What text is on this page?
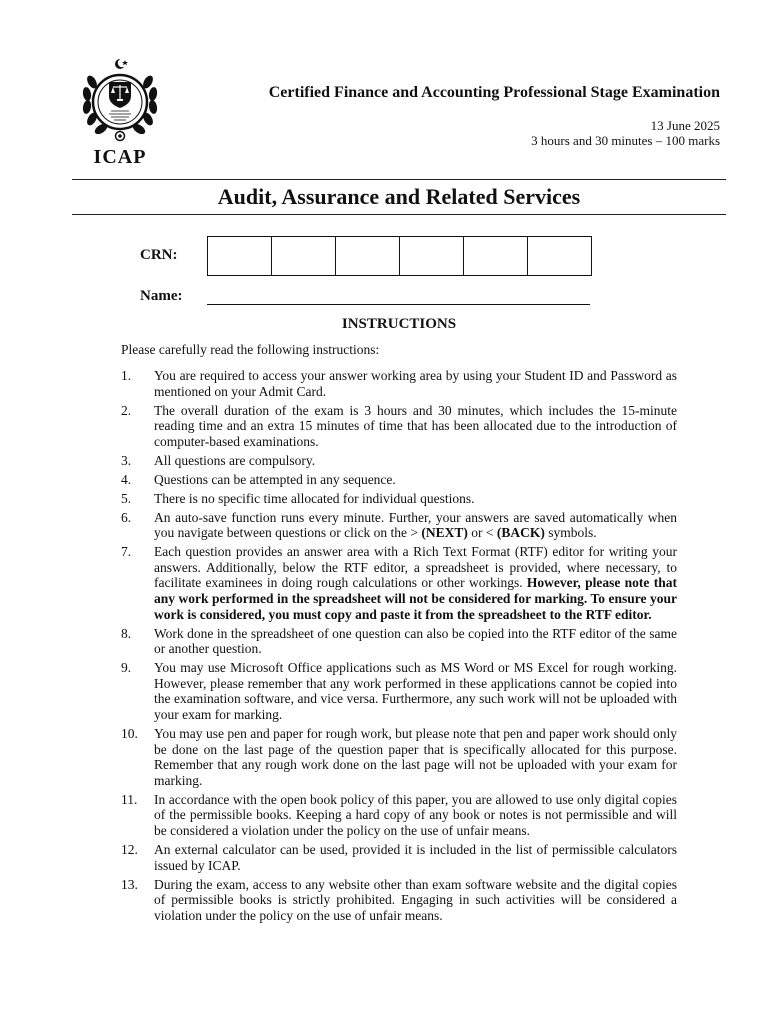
ICAP
Certified Finance and Accounting Professional Stage Examination
13 June 2025
3 hours and 30 minutes – 100 marks
Audit, Assurance and Related Services
CRN:
Name:
INSTRUCTIONS
Please carefully read the following instructions:
1.	You are required to access your answer working area by using your Student ID and Password as mentioned on your Admit Card.
2.	The overall duration of the exam is 3 hours and 30 minutes, which includes the 15-minute reading time and an extra 15 minutes of time that has been allocated due to the introduction of computer-based examinations.
3.	All questions are compulsory.
4.	Questions can be attempted in any sequence.
5.	There is no specific time allocated for individual questions.
6.	An auto-save function runs every minute. Further, your answers are saved automatically when you navigate between questions or click on the > (NEXT) or < (BACK) symbols.
7.	Each question provides an answer area with a Rich Text Format (RTF) editor for writing your answers. Additionally, below the RTF editor, a spreadsheet is provided, where necessary, to facilitate examinees in doing rough calculations or other workings. However, please note that any work performed in the spreadsheet will not be considered for marking. To ensure your work is considered, you must copy and paste it from the spreadsheet to the RTF editor.
8.	Work done in the spreadsheet of one question can also be copied into the RTF editor of the same or another question.
9.	You may use Microsoft Office applications such as MS Word or MS Excel for rough working. However, please remember that any work performed in these applications cannot be copied into the examination software, and vice versa. Furthermore, any such work will not be uploaded with your exam for marking.
10.	You may use pen and paper for rough work, but please note that pen and paper work should only be done on the last page of the question paper that is specifically allocated for this purpose. Remember that any rough work done on the last page will not be uploaded with your exam for marking.
11.	In accordance with the open book policy of this paper, you are allowed to use only digital copies of the permissible books. Keeping a hard copy of any book or notes is not permissible and will be considered a violation under the policy on the use of unfair means.
12.	An external calculator can be used, provided it is included in the list of permissible calculators issued by ICAP.
13.	During the exam, access to any website other than exam software website and the digital copies of permissible books is strictly prohibited. Engaging in such activities will be considered a violation under the policy on the use of unfair means.
